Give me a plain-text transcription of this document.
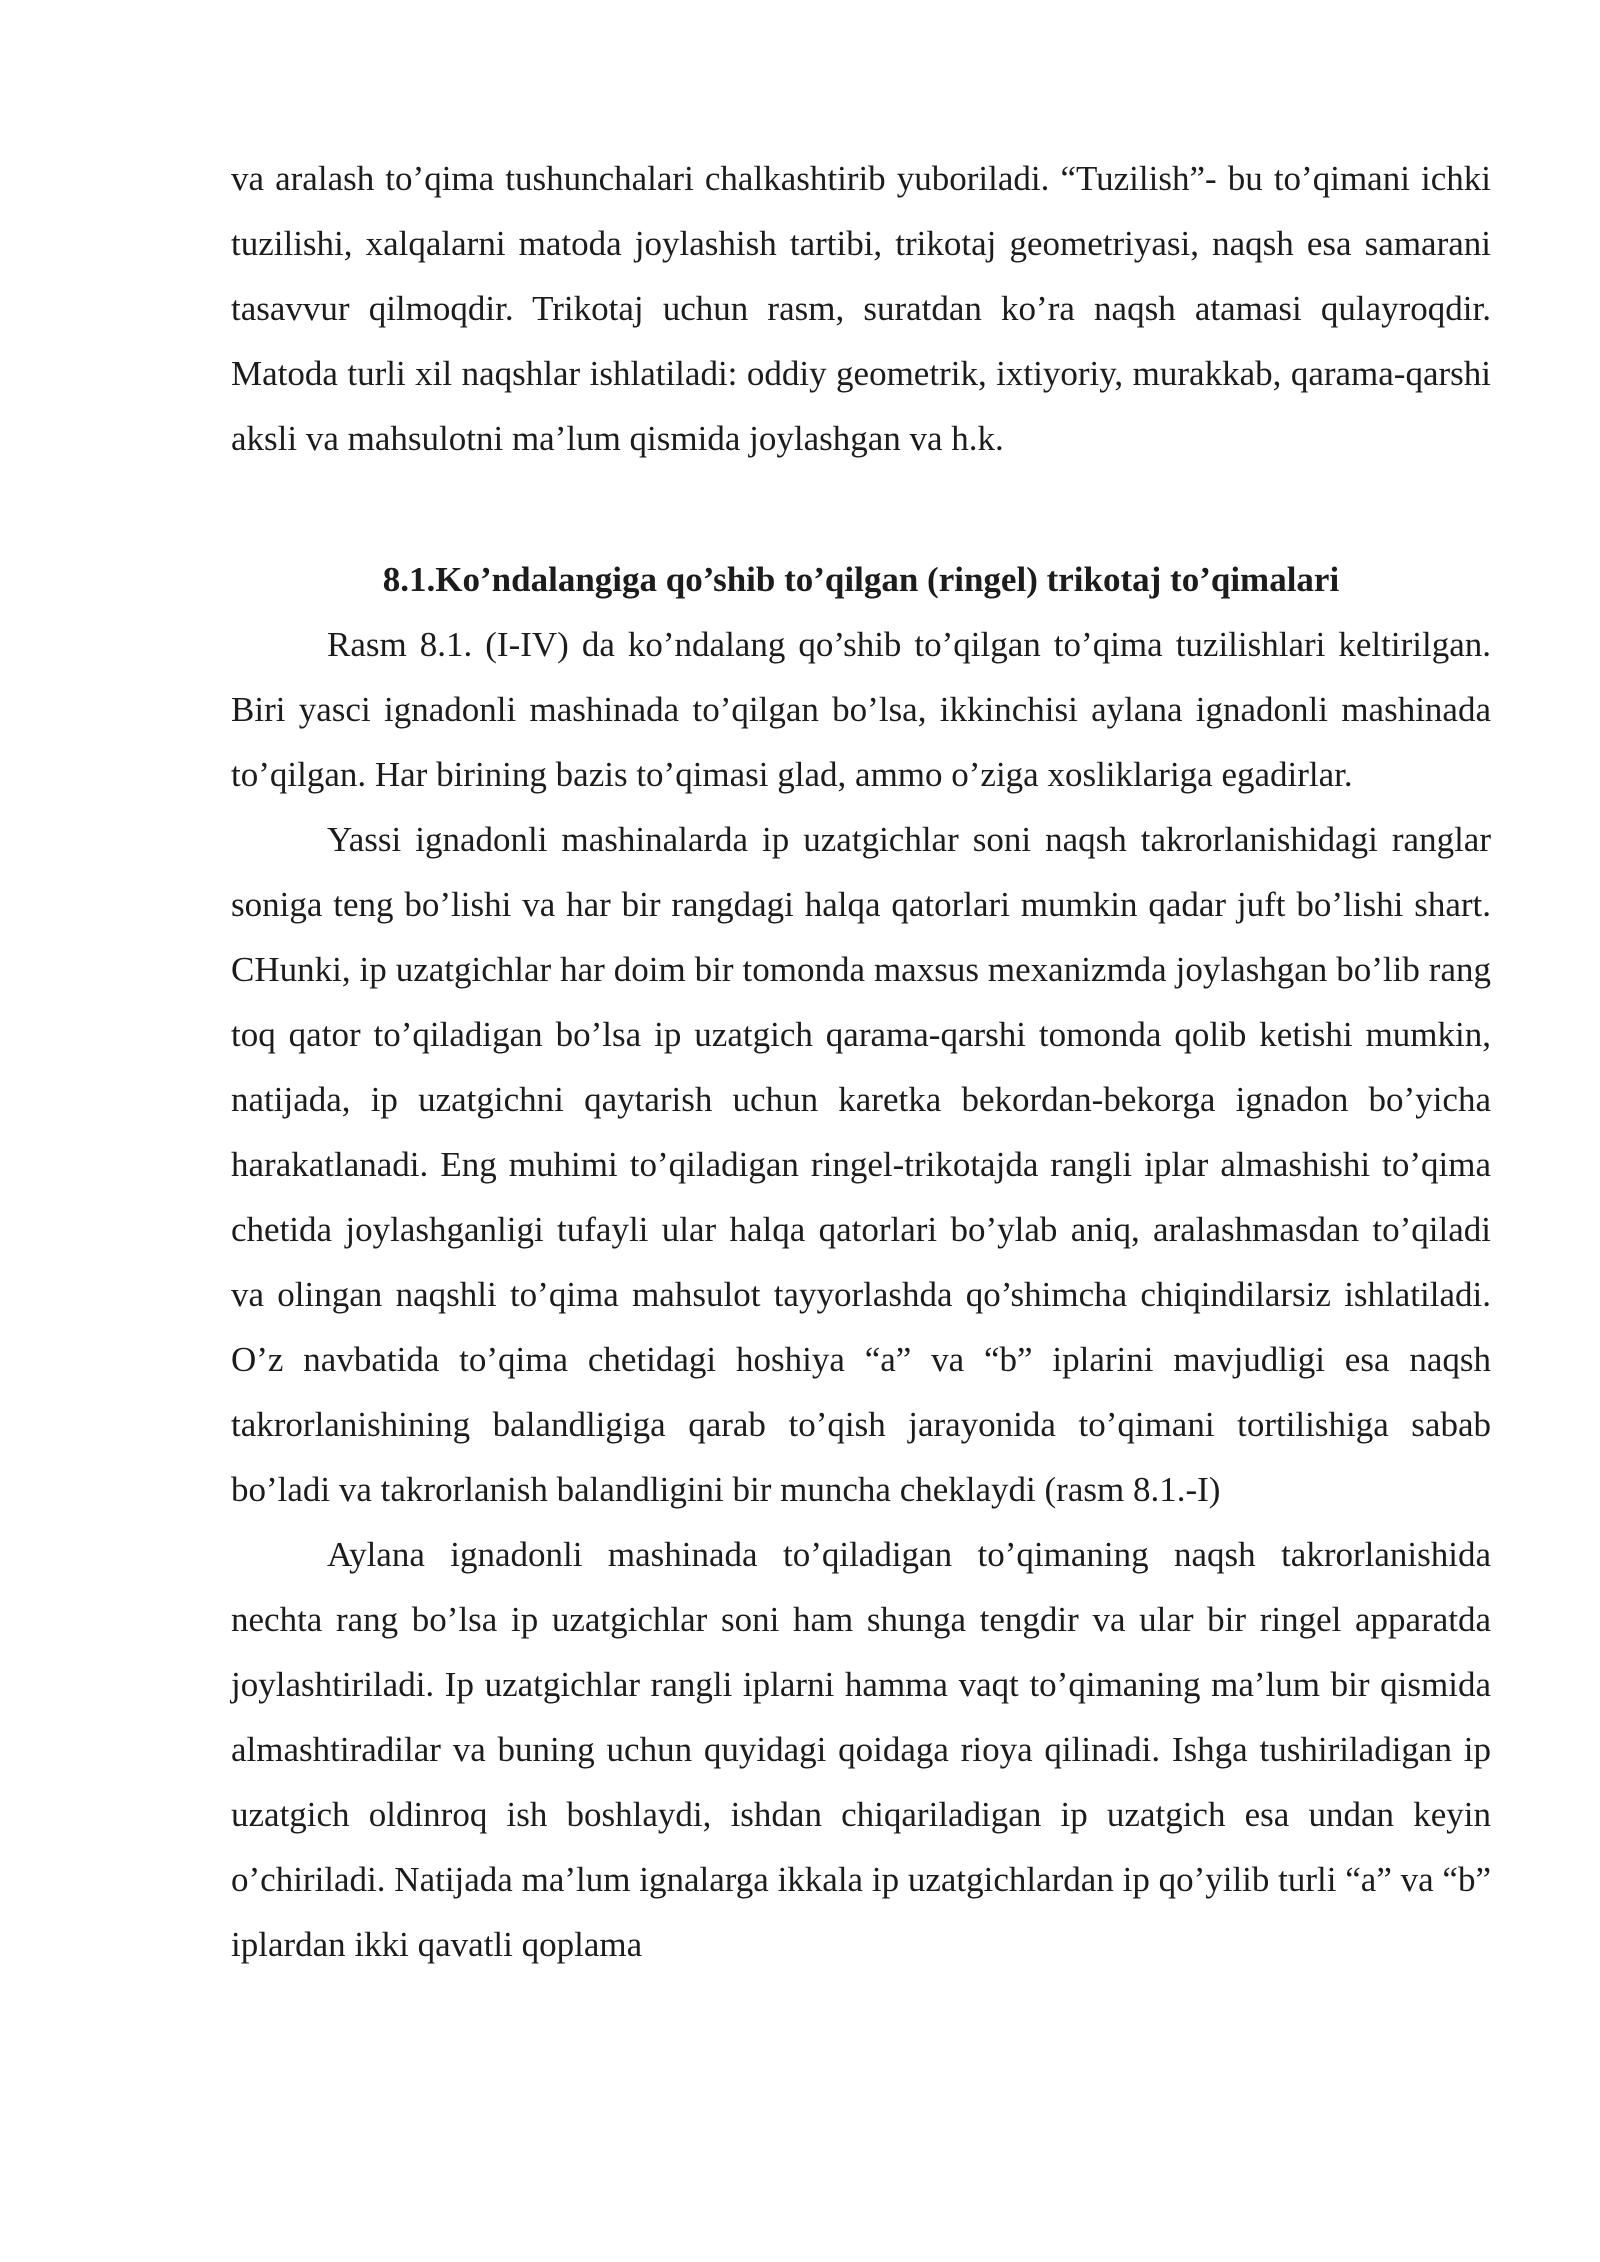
va aralash to’qima tushunchalari chalkashtirib yuboriladi. “Tuzilish”- bu to’qimani ichki tuzilishi, xalqalarni matoda joylashish tartibi, trikotaj geometriyasi, naqsh esa samarani tasavvur qilmoqdir. Trikotaj uchun rasm, suratdan ko’ra naqsh atamasi qulayroqdir. Matoda turli xil naqshlar ishlatiladi: oddiy geometrik, ixtiyoriy, murakkab, qarama-qarshi aksli va mahsulotni ma’lum qismida joylashgan va h.k.

8.1.Ko’ndalangiga qo’shib to’qilgan (ringel) trikotaj to’qimalari

Rasm 8.1. (I-IV) da ko’ndalang qo’shib to’qilgan to’qima tuzilishlari keltirilgan. Biri yasci ignadonli mashinada to’qilgan bo’lsa, ikkinchisi aylana ignadonli mashinada to’qilgan. Har birining bazis to’qimasi glad, ammo o’ziga xosliklariga egadirlar.

Yassi ignadonli mashinalarda ip uzatgichlar soni naqsh takrorlanishidagi ranglar soniga teng bo’lishi va har bir rangdagi halqa qatorlari mumkin qadar juft bo’lishi shart. CHunki, ip uzatgichlar har doim bir tomonda maxsus mexanizmda joylashgan bo’lib rang toq qator to’qiladigan bo’lsa ip uzatgich qarama-qarshi tomonda qolib ketishi mumkin, natijada, ip uzatgichni qaytarish uchun karetka bekordan-bekorga ignadon bo’yicha harakatlanadi. Eng muhimi to’qiladigan ringel-trikotajda rangli iplar almashishi to’qima chetida joylashganligi tufayli ular halqa qatorlari bo’ylab aniq, aralashmasdan to’qiladi va olingan naqshli to’qima mahsulot tayyorlashda qo’shimcha chiqindilarsiz ishlatiladi. O’z navbatida to’qima chetidagi hoshiya “a” va “b” iplarini mavjudligi esa naqsh takrorlanishining balandligiga qarab to’qish jarayonida to’qimani tortilishiga sabab bo’ladi va takrorlanish balandligini bir muncha cheklaydi (rasm 8.1.-I)

Aylana ignadonli mashinada to’qiladigan to’qimaning naqsh takrorlanishida nechta rang bo’lsa ip uzatgichlar soni ham shunga tengdir va ular bir ringel apparatda joylashtiriladi. Ip uzatgichlar rangli iplarni hamma vaqt to’qimaning ma’lum bir qismida almashtiradilar va buning uchun quyidagi qoidaga rioya qilinadi. Ishga tushiriladigan ip uzatgich oldinroq ish boshlaydi, ishdan chiqariladigan ip uzatgich esa undan keyin o’chiriladi. Natijada ma’lum ignalarga ikkala ip uzatgichlardan ip qo’yilib turli “a” va “b” iplardan ikki qavatli qoplama
